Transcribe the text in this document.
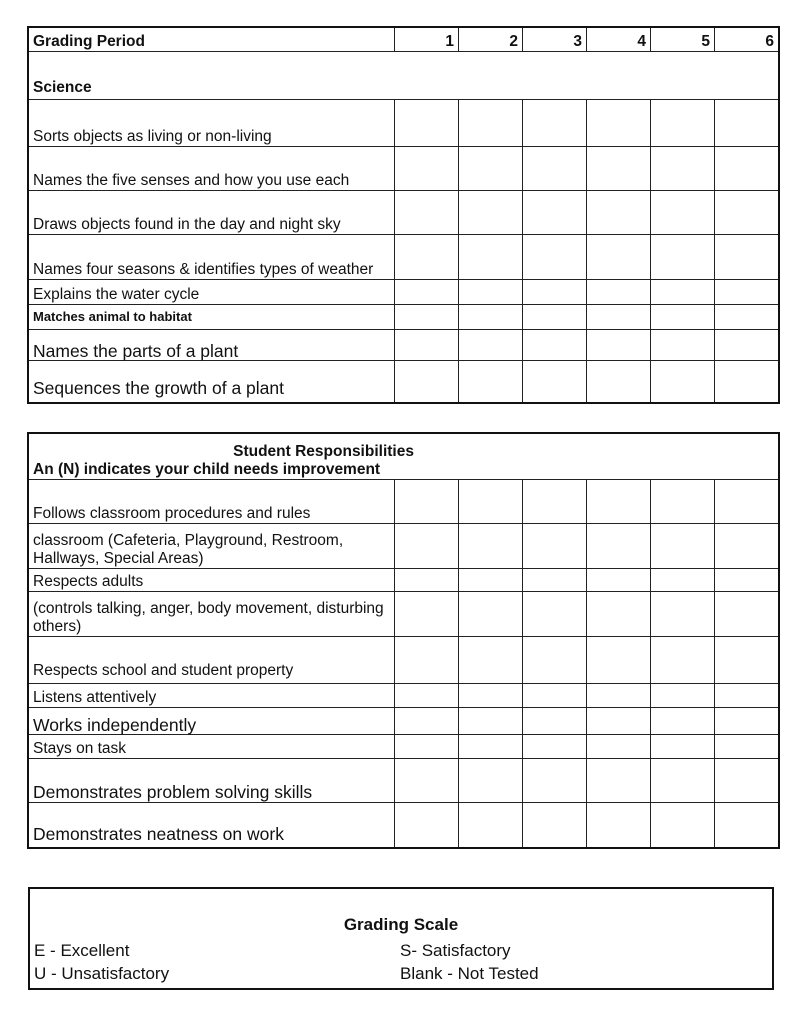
Grading Period	1	2	3	4	5	6
Science						
Sorts objects as living or non-living						
Names the five senses and how you use each						
Draws objects found in the day and night sky						
Names four seasons & identifies types of weather						
Explains the water cycle						
Matches animal to habitat						
Names the parts of a plant						
Sequences the growth of a plant						
Student Responsibilities
An (N) indicates your child needs improvement						
Follows classroom procedures and rules						
classroom (Cafeteria, Playground, Restroom, Hallways, Special Areas)						
Respects adults						
(controls talking, anger, body movement, disturbing others)						
Respects school and student property						
Listens attentively						
Works independently						
Stays on task						
Demonstrates problem solving skills						
Demonstrates neatness on work						
Grading Scale
E - Excellent	S- Satisfactory
U - Unsatisfactory	Blank - Not Tested
